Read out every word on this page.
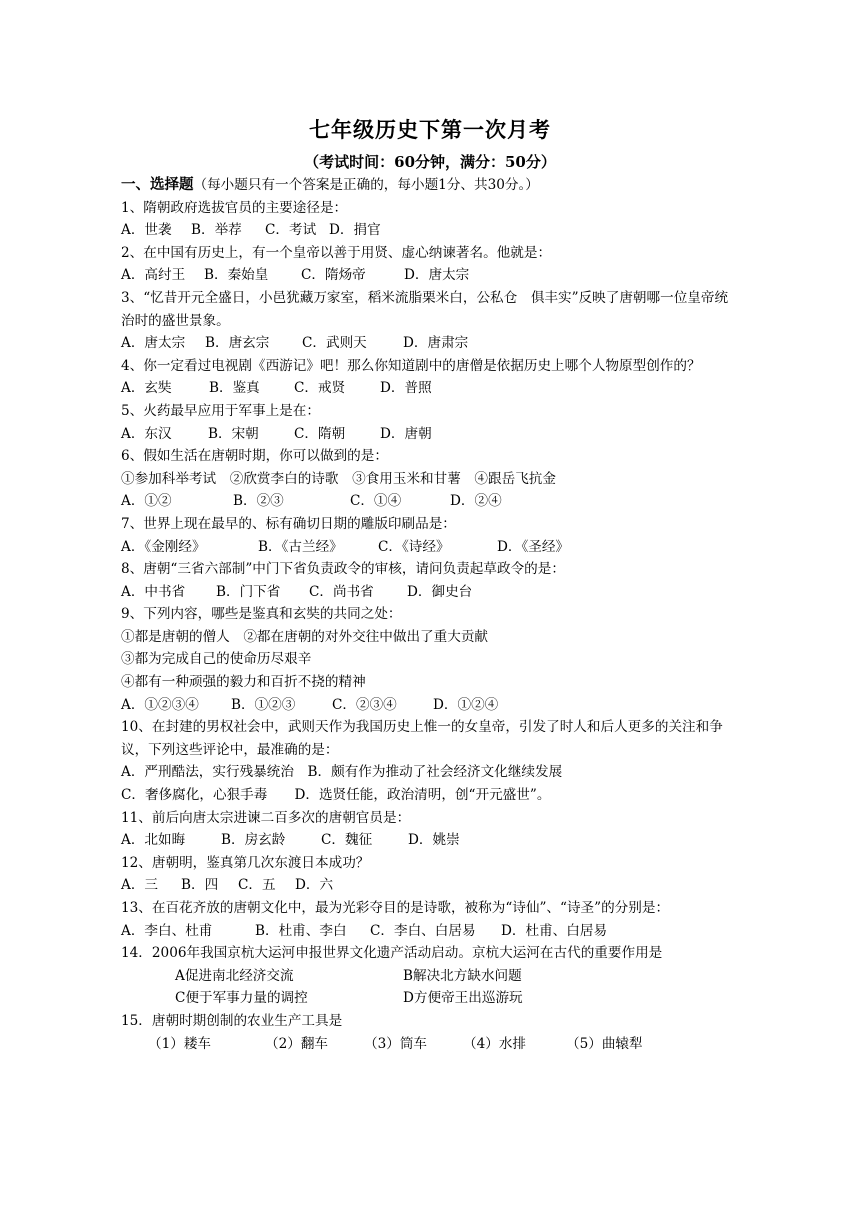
七年级历史下第一次月考
（考试时间：60分钟，满分：50分）
一、选择题（每小题只有一个答案是正确的，每小题1分、共30分。）
1、隋朝政府选拔官员的主要途径是：
A．世袭 B．举荐 C．考试 D．捐官
2、在中国有历史上，有一个皇帝以善于用贤、虚心纳谏著名。他就是：
A．高纣王 B．秦始皇 C．隋炀帝	D．唐太宗
3、“忆昔开元全盛日，小邑犹藏万家室，稻米流脂栗米白，公私仓　俱丰实”反映了唐朝哪一位皇帝统治时的盛世景象。
A．唐太宗 B．唐玄宗 C．武则天	D．唐肃宗
4、你一定看过电视剧《西游记》吧！那么你知道剧中的唐僧是依据历史上哪个人物原型创作的？
A．玄奘	B．鉴真	C．戒贤	D．普照
5、火药最早应用于军事上是在：
A．东汉	B．宋朝	C．隋朝	D．唐朝
6、假如生活在唐朝时期，你可以做到的是：
①参加科举考试　②欣赏李白的诗歌　③食用玉米和甘薯　④跟岳飞抗金
A．①②	B．②③	C．①④	D．②④
7、世界上现在最早的、标有确切日期的雕版印刷品是：
A．《金刚经》	B．《古兰经》	C．《诗经》	D．《圣经》
8、唐朝“三省六部制”中门下省负责政令的审核，请问负责起草政令的是：
A．中书省 B．门下省 C．尚书省 D．御史台
9、下列内容，哪些是鉴真和玄奘的共同之处：
①都是唐朝的僧人　②都在唐朝的对外交往中做出了重大贡献
③都为完成自己的使命历尽艰辛
④都有一种顽强的毅力和百折不挠的精神
A．①②③④ B．①②③	C．②③④	D．①②④
10、在封建的男权社会中，武则天作为我国历史上惟一的女皇帝，引发了时人和后人更多的关注和争议，下列这些评论中，最准确的是：
A．严刑酷法，实行残暴统治　B．颇有作为推动了社会经济文化继续发展
C．奢侈腐化，心狠手毒　　D．选贤任能，政治清明，创“开元盛世”。
11、前后向唐太宗进谏二百多次的唐朝官员是：
A．北如晦	B．房玄龄	C．魏征	D．姚崇
12、唐朝明，鉴真第几次东渡日本成功？
A．三 B．四 C．五 D．六
13、在百花齐放的唐朝文化中，最为光彩夺目的是诗歌，被称为“诗仙”、“诗圣”的分别是：
A．李白、杜甫	B．杜甫、李白 C．李白、白居易 D．杜甫、白居易
14．2006年我国京杭大运河申报世界文化遗产活动启动。京杭大运河在古代的重要作用是
A促进南北经济交流	B解决北方缺水问题
C便于军事力量的调控	D方便帝王出巡游玩
15．唐朝时期创制的农业生产工具是
（1）耧车	（2）翻车	（3）筒车	（4）水排	（5）曲辕犁
